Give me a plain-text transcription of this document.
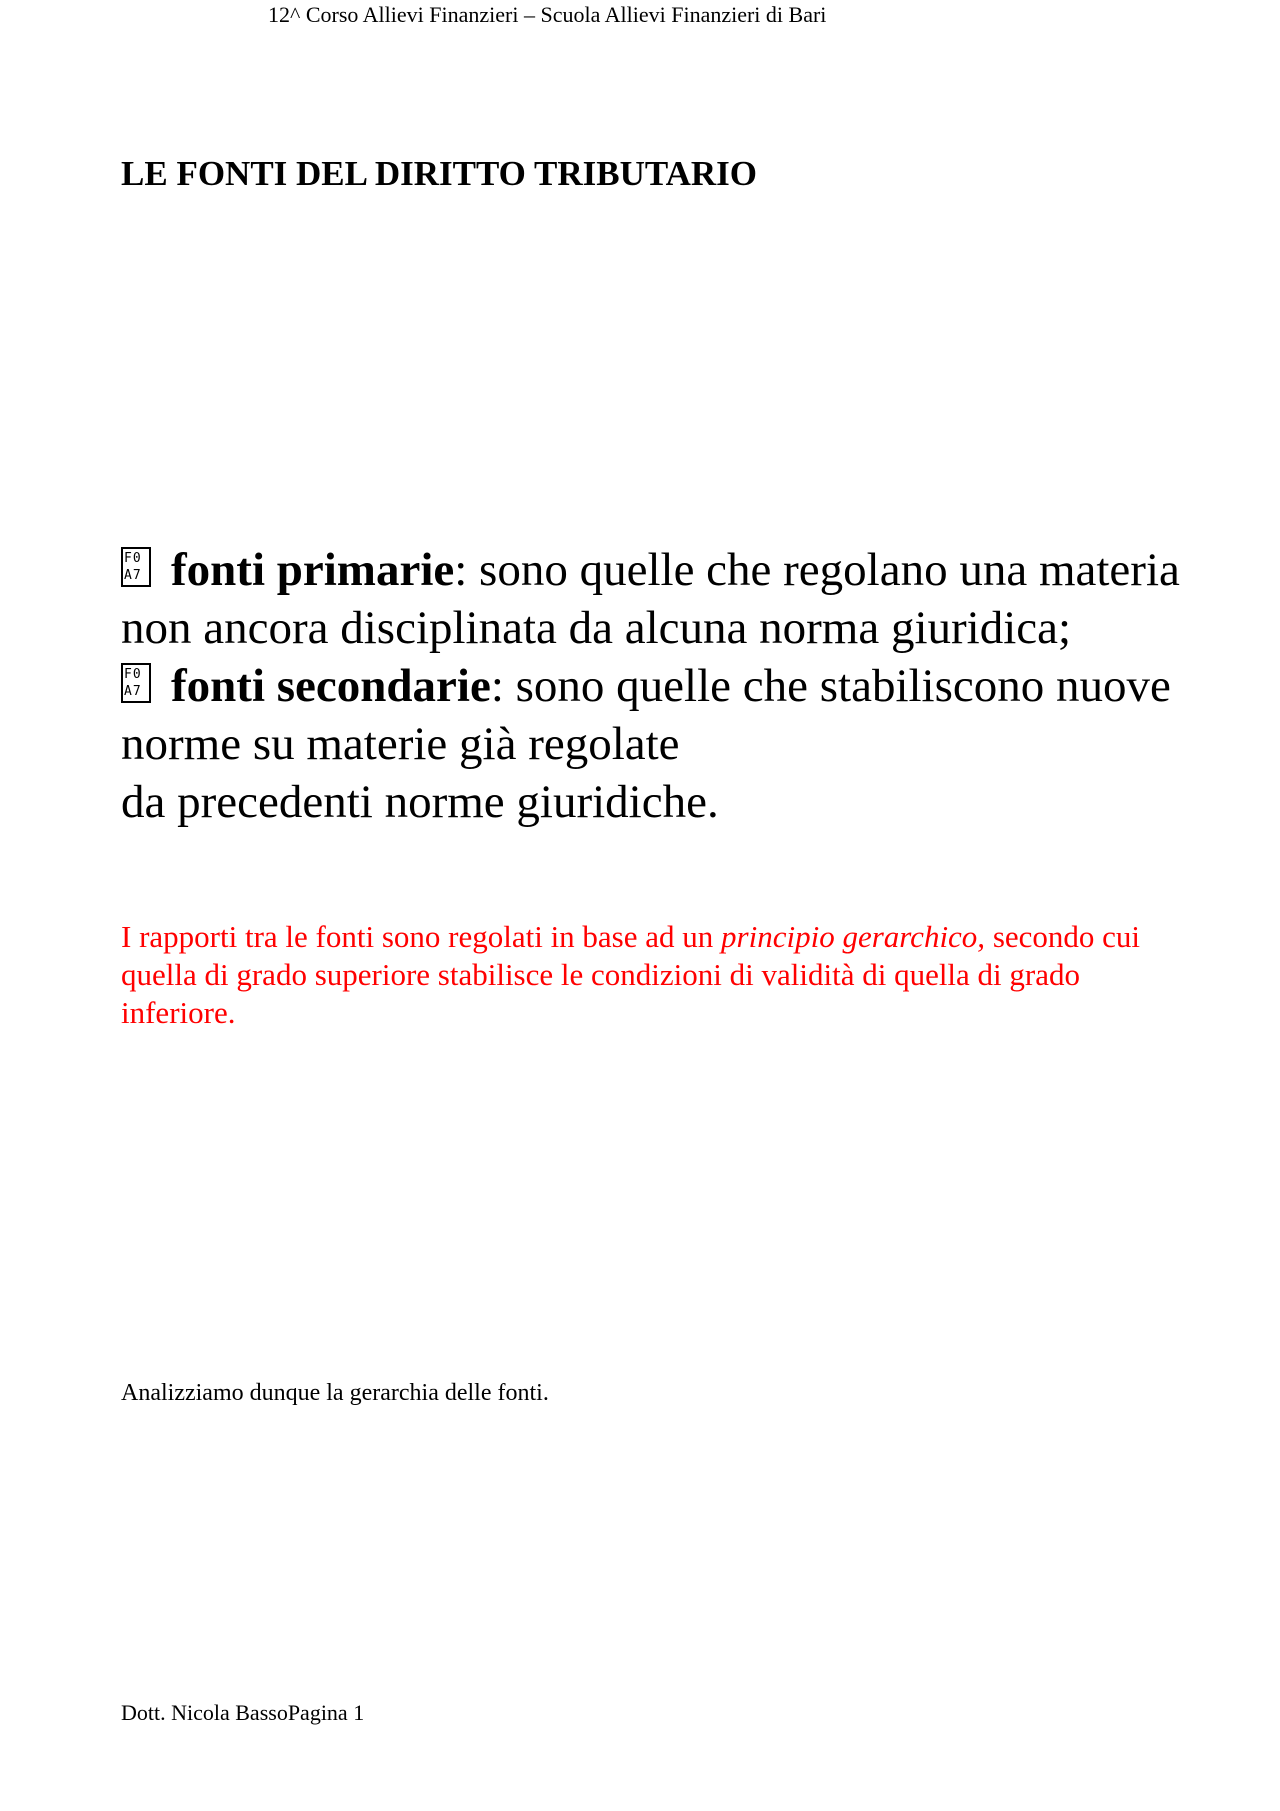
12^ Corso Allievi Finanzieri – Scuola Allievi Finanzieri di Bari
LE FONTI DEL DIRITTO TRIBUTARIO

F0
A7 fonti primarie: sono quelle che regolano una materia non ancora disciplinata da alcuna norma giuridica;

F0
A7 fonti secondarie: sono quelle che stabiliscono nuove norme su materie già regolate
da precedenti norme giuridiche.

I rapporti tra le fonti sono regolati in base ad un principio gerarchico, secondo cui quella di grado superiore stabilisce le condizioni di validità di quella di grado inferiore.

Analizziamo dunque la gerarchia delle fonti.
Dott. Nicola BassoPagina 1
